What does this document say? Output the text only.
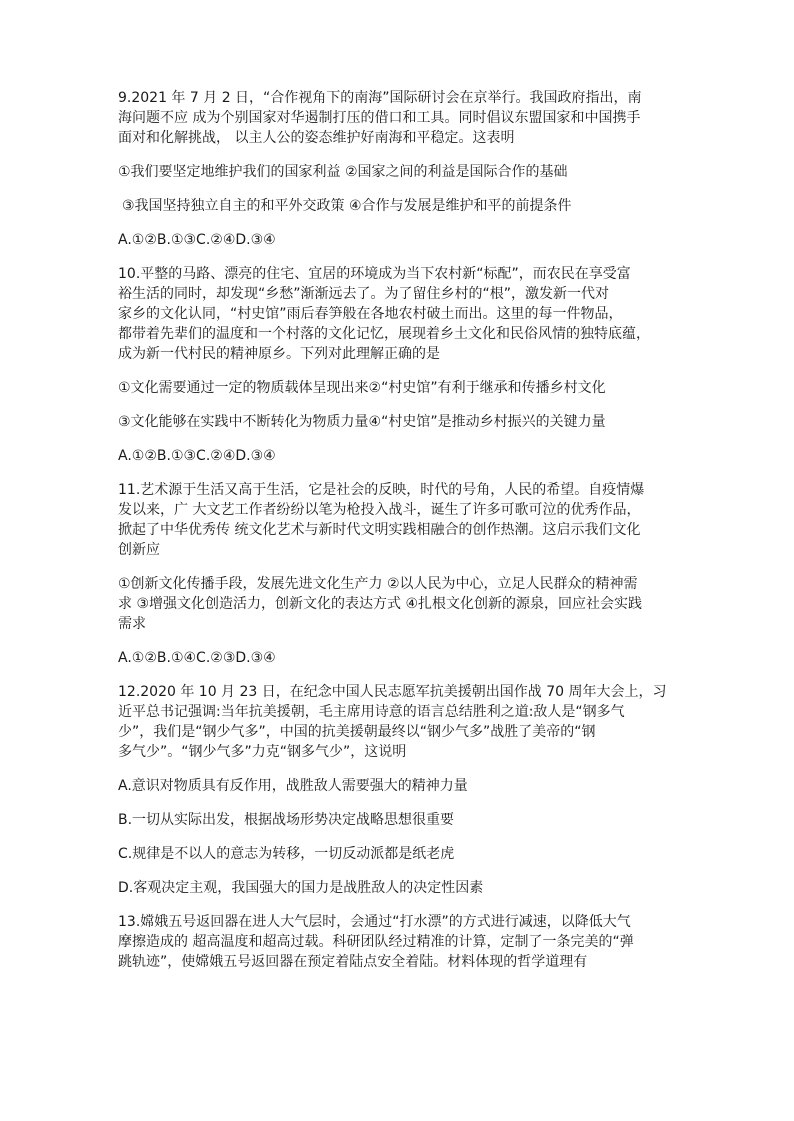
9.2021 年 7 月 2 日，“合作视角下的南海”国际研讨会在京举行。我国政府指出，南
海问题不应 成为个别国家对华遏制打压的借口和工具。同时倡议东盟国家和中国携手
面对和化解挑战， 以主人公的姿态维护好南海和平稳定。这表明

①我们要坚定地维护我们的国家利益 ②国家之间的利益是国际合作的基础

③我国坚持独立自主的和平外交政策 ④合作与发展是维护和平的前提条件

A.①②B.①③C.②④D.③④

10.平整的马路、漂亮的住宅、宜居的环境成为当下农村新“标配”，而农民在享受富
裕生活的同时，却发现“乡愁”渐渐远去了。为了留住乡村的“根”，激发新一代对
家乡的文化认同，“村史馆”雨后春笋般在各地农村破土而出。这里的每一件物品，
都带着先辈们的温度和一个村落的文化记忆，展现着乡土文化和民俗风情的独特底蕴，
成为新一代村民的精神原乡。下列对此理解正确的是

①文化需要通过一定的物质载体呈现出来②“村史馆”有利于继承和传播乡村文化

③文化能够在实践中不断转化为物质力量④“村史馆”是推动乡村振兴的关键力量

A.①②B.①③C.②④D.③④

11.艺术源于生活又高于生活，它是社会的反映，时代的号角，人民的希望。自疫情爆
发以来，广 大文艺工作者纷纷以笔为枪投入战斗，诞生了许多可歌可泣的优秀作品，
掀起了中华优秀传 统文化艺术与新时代文明实践相融合的创作热潮。这启示我们文化
创新应

①创新文化传播手段，发展先进文化生产力 ②以人民为中心，立足人民群众的精神需
求 ③增强文化创造活力，创新文化的表达方式 ④扎根文化创新的源泉，回应社会实践
需求

A.①②B.①④C.②③D.③④

12.2020 年 10 月 23 日，在纪念中国人民志愿军抗美援朝出国作战 70 周年大会上，习
近平总书记强调:当年抗美援朝，毛主席用诗意的语言总结胜利之道:敌人是“钢多气
少”，我们是“钢少气多”，中国的抗美援朝最终以“钢少气多”战胜了美帝的“钢
多气少”。“钢少气多”力克“钢多气少”，这说明

A.意识对物质具有反作用，战胜敌人需要强大的精神力量

B.一切从实际出发，根据战场形势决定战略思想很重要

C.规律是不以人的意志为转移，一切反动派都是纸老虎

D.客观决定主观，我国强大的国力是战胜敌人的决定性因素

13.嫦娥五号返回器在进人大气层时，会通过“打水漂”的方式进行减速，以降低大气
摩擦造成的 超高温度和超高过载。科研团队经过精准的计算，定制了一条完美的“弹
跳轨迹”，使嫦娥五号返回器在预定着陆点安全着陆。材料体现的哲学道理有
